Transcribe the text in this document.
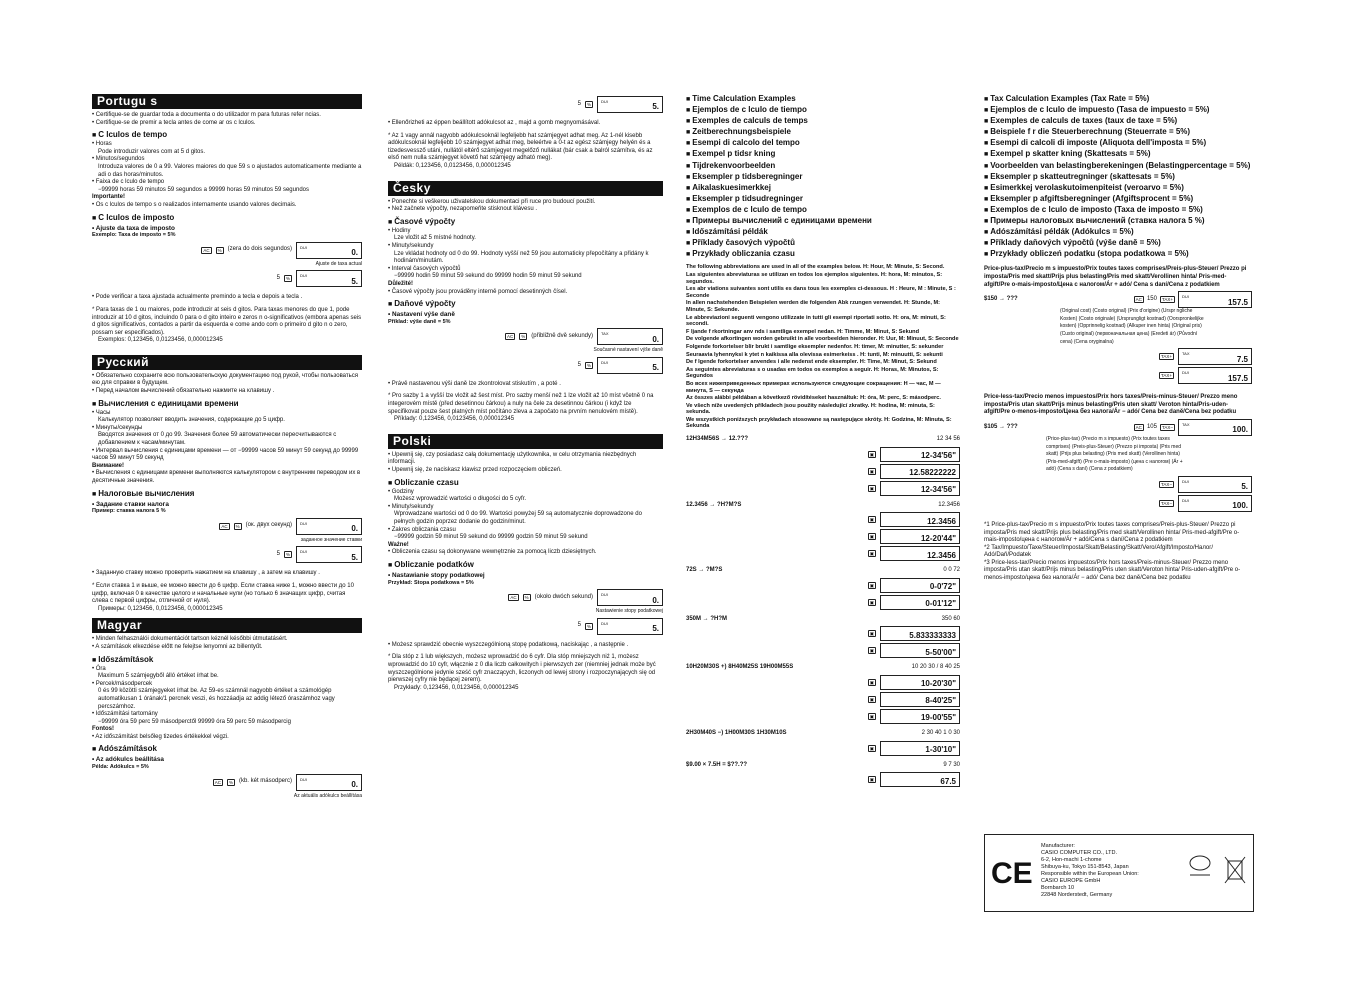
Portugu s

• Certifique-se de guardar toda a documenta o do utilizador m para futuras refer ncias.

• Certifique-se de premir a tecla antes de come ar os c lculos.

■ C lculos de tempo

• Horas

Pode introduzir valores com at 5 d gitos.

• Minutos/segundos

Introduza valores de 0 a 99. Valores maiores do que 59 s o ajustados automaticamente mediante a adi o das horas/minutos.

• Faixa de c lculo de tempo

−99999 horas 59 minutos 59 segundos a 99999 horas 59 minutos 59 segundos

Importante!

• Os c lculos de tempo s o realizados internamente usando valores decimais.

■ C lculos de imposto
• Ajuste da taxa de imposto
Exemplo: Taxa de imposto = 5%
AC	%	(zera do dois segundos) DUI
0.
Ajuste de taxa actual
5	%
DUI
5.

• Pode verificar a taxa ajustada actualmente premindo a tecla e depois a tecla .

* Para taxas de 1 ou maiores, pode introduzir at seis d gitos. Para taxas menores do que 1, pode introduzir at 10 d gitos, incluindo 0 para o d gito inteiro e zeros n o-significativos (embora apenas seis d gitos significativos, contados a partir da esquerda e come ando com o primeiro d gito n o zero, possam ser especificados).

Exemplos: 0,123456, 0,0123456, 0,000012345

Русский

• Обязательно сохраните всю пользовательскую документацию под рукой, чтобы пользоваться ею для справки в будущем.

• Перед началом вычислений обязательно нажмите на клавишу .

■ Вычисления с единицами времени

• Часы

Калькулятор позволяет вводить значения, содержащие до 5 цифр.

• Минуты/секунды

Вводятся значения от 0 до 99. Значения более 59 автоматически пересчитываются с добавлением к часам/минутам.

• Интервал вычисления с единицами времени — от −99999 часов 59 минут 59 секунд до 99999 часов 59 минут 59 секунд

Внимание!

• Вычисления с единицами времени выполняются калькулятором с внутренним переводом их в десятичные значения.

■ Налоговые вычисления
• Задание ставки налога
Пример: ставка налога 5 %
AC	%	(ок. двух секунд) DUI
0.
заданное значение ставки
5	%
DUI
5.

• Заданную ставку можно проверить нажатием на клавишу , а затем на клавишу .

* Если ставка 1 и выше, ее можно ввести до 6 цифр. Если ставка ниже 1, можно ввести до 10 цифр, включая 0 в качестве целого и начальные нули (но только 6 значащих цифр, считая слева с первой цифры, отличной от нуля).

Примеры: 0,123456, 0,0123456, 0,000012345

Magyar

• Minden felhasználói dokumentációt tartson kéznél későbbi útmutatásért.

• A számítások elkezdése előtt ne felejtse lenyomni az billentyűt.

■ Időszámítások

• Óra

Maximum 5 számjegyből álló értéket írhat be.

• Percek/másodpercek

0 és 99 közötti számjegyeket írhat be. Az 59-es számnál nagyobb értéket a számológép automatikusan 1 órának/1 percnek veszi, és hozzáadja az addig létező óraszámhoz vagy percszámhoz.

• Időszámítási tartomány

−99999 óra 59 perc 59 másodperctől 99999 óra 59 perc 59 másodpercig

Fontos!

• Az időszámítást belsőleg tizedes értékekkel végzi.

■ Adószámítások
• Az adókulcs beállítása
Példa: Adókulcs = 5%
AC	%	(kb. két másodperc) DUI
0.
Az aktuális adókulcs beállítása
5	%
DUI
5.

• Ellenőrizheti az éppen beállított adókulcsot az , majd a gomb megnyomásával.

* Az 1 vagy annál nagyobb adókulcsoknál legfeljebb hat számjegyet adhat meg. Az 1-nél kisebb adókulcsoknál legfeljebb 10 számjegyet adhat meg, beleértve a 0-t az egész számjegy helyén és a tizedesvessző utáni, nullától eltérő számjegyet megelőző nullákat (bár csak a balról számítva, és az első nem nulla számjegyet követő hat számjegy adható meg).

Példák: 0,123456, 0,0123456, 0,000012345

Česky

• Ponechte si veškerou uživatelskou dokumentaci při ruce pro budoucí použití.

• Než začnete výpočty, nezapomeňte stisknout klávesu .

■ Časové výpočty

• Hodiny

Lze vložit až 5 místné hodnoty.

• Minuty/sekundy

Lze vkládat hodnoty od 0 do 99. Hodnoty vyšší než 59 jsou automaticky přepočítány a přidány k hodinám/minutám.

• Interval časových výpočtů

−99999 hodin 59 minut 59 sekund do 99999 hodin 59 minut 59 sekund

Důležité!

• Časové výpočty jsou prováděny interně pomocí desetinných čísel.

■ Daňové výpočty
• Nastavení výše daně
Příklad: výše daně = 5%
AC	%	(přibližně dvě sekundy) TAX
0.
Současné nastavení výše daně
5	%
DUI
5.

• Právě nastavenou výši daně lze zkontrolovat stiskutím , a poté .

* Pro sazby 1 a vyšší lze vložit až šest míst. Pro sazby menší než 1 lze vložit až 10 míst včetně 0 na integerovém místě (před desetinnou čárkou) a nuly na čele za desetinnou čárkou (i když lze specifikovat pouze šest platných míst počítáno zleva a započato na prvním nenulovém místě).

Příklady: 0,123456, 0,0123456, 0,000012345

Polski

• Upewnij się, czy posiadasz całą dokumentację użytkownika, w celu otrzymania niezbędnych informacji.

• Upewnij się, że naciskasz klawisz przed rozpoczęciem obliczeń.

■ Obliczanie czasu

• Godziny

Możesz wprowadzić wartości o długości do 5 cyfr.

• Minuty/sekundy

Wprowadzane wartości od 0 do 99. Wartości powyżej 59 są automatycznie doprowadzone do pełnych godzin poprzez dodanie do godzin/minut.

• Zakres obliczania czasu

−99999 godzin 59 minut 59 sekund do 99999 godzin 59 minut 59 sekund

Ważne!

• Obliczenia czasu są dokonywane wewnętrznie za pomocą liczb dziesiętnych.

■ Obliczanie podatków
• Nastawianie stopy podatkowej
Przykład: Stopa podatkowa = 5%
AC	%	(około dwóch sekund) DUI
0.
Nastawienie stopy podatkowej
5	%
DUI
5.

• Możesz sprawdzić obecnie wyszczególnioną stopę podatkową, naciskając , a następnie .

* Dla stóp z 1 lub większych, możesz wprowadzić do 6 cyfr. Dla stóp mniejszych niż 1, możesz wprowadzić do 10 cyfr, włącznie z 0 dla liczb całkowitych i pierwszych zer (niemniej jednak może być wyszczególnione jedynie sześć cyfr znaczących, liczonych od lewej strony i rozpoczynających się od pierwszej cyfry nie będącej zerem).

Przykłady: 0,123456, 0,0123456, 0,000012345

■ Time Calculation Examples
■ Ejemplos de c lculo de tiempo
■ Exemples de calculs de temps
■ Zeitberechnungsbeispiele
■ Esempi di calcolo del tempo
■ Exempel p tidsr kning
■ Tijdrekenvoorbeelden
■ Eksempler p tidsberegninger
■ Aikalaskuesimerkkej
■ Eksempler p tidsudregninger
■ Exemplos de c lculo de tempo
■ Примеры вычислений с единицами времени
■ Időszámítási példák
■ Příklady časových výpočtů
■ Przykłady obliczania czasu

The following abbreviations are used in all of the examples below. H: Hour, M: Minute, S: Second.

Las siguientes abreviaturas se utilizan en todos los ejemplos siguientes. H: hora, M: minutos, S: segundos.

Les abr viations suivantes sont utilis es dans tous les exemples ci-dessous. H : Heure, M : Minute, S : Seconde

In allen nachstehenden Beispielen werden die folgenden Abk rzungen verwendet. H: Stunde, M: Minute, S: Sekunde.

Le abbreviazioni seguenti vengono utilizzate in tutti gli esempi riportati sotto. H: ora, M: minuti, S: secondi.

F ljande f rkortningar anv nds i samtliga exempel nedan. H: Timme, M: Minut, S: Sekund

De volgende afkortingen worden gebruikt in alle voorbeelden hieronder. H: Uur, M: Minuut, S: Seconde

Folgende forkortelser blir brukt i samtlige eksempler nedenfor. H: timer, M: minutter, S: sekunder

Seuraavia lyhennyksi k ytet n kaikissa alla olevissa esimerkeiss . H: tunti, M: minuutti, S: sekunti

De f lgende forkortelser anvendes i alle nedenst ende eksempler. H: Time, M: Minut, S: Sekund

As seguintes abreviaturas s o usadas em todos os exemplos a seguir. H: Horas, M: Minutos, S: Segundos

Во всех нижеприведенных примерах используются следующие сокращения: Н — час, М — минута, S — секунда

Az összes alábbi példában a következő rövidítéseket használtuk: H: óra, M: perc, S: másodperc.

Ve všech níže uvedených příkladech jsou použity následující zkratky. H: hodina, M: minuta, S: sekunda.

We wszystkich poniższych przykładach stosowane są następujące skróty. H: Godzina, M: Minuta, S: Sekunda

12H34M56S → 12.???	12 34 56
▣	12-34'56"
▣	12.58222222
▣	12-34'56"
12.3456 → ?H?M?S	12.3456
▣	12.3456
▣	12-20'44"
▣	12.3456
72S → ?M?S	0 0 72
▣	0-0'72"
▣	0-01'12"
350M → ?H?M	350 60
▣	5.833333333
▣	5-50'00"
10H20M30S +) 8H40M25S 19H00M55S	10 20 30 / 8 40 25
▣	10-20'30"
▣	8-40'25"
▣	19-00'55"
2H30M40S −) 1H00M30S 1H30M10S	2 30 40 1 0 30
▣	1-30'10"
$9.00 × 7.5H = $??.??	9 7 30
▣	67.5
■ Tax Calculation Examples (Tax Rate = 5%)
■ Ejemplos de c lculo de impuesto (Tasa de impuesto = 5%)
■ Exemples de calculs de taxes (taux de taxe = 5%)
■ Beispiele f r die Steuerberechnung (Steuerrate = 5%)
■ Esempi di calcoli di imposte (Aliquota dell'imposta = 5%)
■ Exempel p skatter kning (Skattesats = 5%)
■ Voorbeelden van belastingberekeningen (Belastingpercentage = 5%)
■ Eksempler p skatteutregninger (skattesats = 5%)
■ Esimerkkej verolaskutoimenpiteist (veroarvo = 5%)
■ Eksempler p afgiftsberegninger (Afgiftsprocent = 5%)
■ Exemplos de c lculo de imposto (Taxa de imposto = 5%)
■ Примеры налоговых вычислений (ставка налога 5 %)
■ Adószámítási példák (Adókulcs = 5%)
■ Příklady daňových výpočtů (výše daně = 5%)
■ Przykłady obliczeń podatku (stopa podatkowa = 5%)
Price-plus-tax/Precio m s impuesto/Prix toutes taxes comprises/Preis-plus-Steuer/ Prezzo pi imposta/Pris med skatt/Prijs plus belasting/Pris med skatt/Verollinen hinta/ Pris-med-afgift/Pre o-mais-imposto/Цена с налогом/Ár + adó/ Cena s daní/Cena z podatkiem
$150 → ???	AC 150	TAX+
DUI
157.5
(Original cost) (Costo original) (Prix d'origine) (Urspr ngliche Kosten) (Costo originale) (Ursprungligt kostnad) (Oorspronkelijke kosten) (Opprinnelig kostnad) (Alkuper inen hinta) (Original pris) (Custo original) (первоначальная цена) (Eredeti ár) (Původní cena) (Cena oryginalna)
TAX+
TAX
7.5
TAX+
DUI
157.5
Price-less-tax/Precio menos impuestos/Prix hors taxes/Preis-minus-Steuer/ Prezzo meno imposta/Pris utan skatt/Prijs minus belasting/Pris uten skatt/ Veroton hinta/Pris-uden-afgift/Pre o-menos-imposto/Цена без налога/Ár − adó/ Cena bez daně/Cena bez podatku
$105 → ???	AC 105	TAX−
TAX
100.
(Price-plus-tax) (Precio m s impuesto) (Prix toutes taxes comprises) (Preis-plus-Steuer) (Prezzo pi imposta) (Pris med skatt) (Prijs plus belasting) (Pris med skatt) (Verollinen hinta) (Pris-med-afgift) (Pre o-mais-imposto) (цена с налогом) (Ár + adó) (Cena s daní) (Cena z podatkiem)
TAX−
DUI
5.
TAX−
DUI
100.

*1 Price-plus-tax/Precio m s impuesto/Prix toutes taxes comprises/Preis-plus-Steuer/ Prezzo pi imposta/Pris med skatt/Prijs plus belasting/Pris med skatt/Verollinen hinta/ Pris-med-afgift/Pre o-mais-imposto/цена с налогом/Ár + adó/Cena s daní/Cena z podatkiem

*2 Tax/Impuesto/Taxe/Steuer/Imposta/Skatt/Belasting/Skatt/Vero/Afgift/Imposto/Налог/ Adó/Daň/Podatek

*3 Price-less-tax/Precio menos impuestos/Prix hors taxes/Preis-minus-Steuer/ Prezzo meno imposta/Pris utan skatt/Prijs minus belasting/Pris uten skatt/Veroton hinta/ Pris-uden-afgift/Pre o-menos-imposto/цена без налога/Ár − adó/ Cena bez daně/Cena bez podatku

CE
Manufacturer:
CASIO COMPUTER CO., LTD.
6-2, Hon-machi 1-chome
Shibuya-ku, Tokyo 151-8543, Japan
Responsible within the European Union:
CASIO EUROPE GmbH
Bornbarch 10
22848 Norderstedt, Germany
